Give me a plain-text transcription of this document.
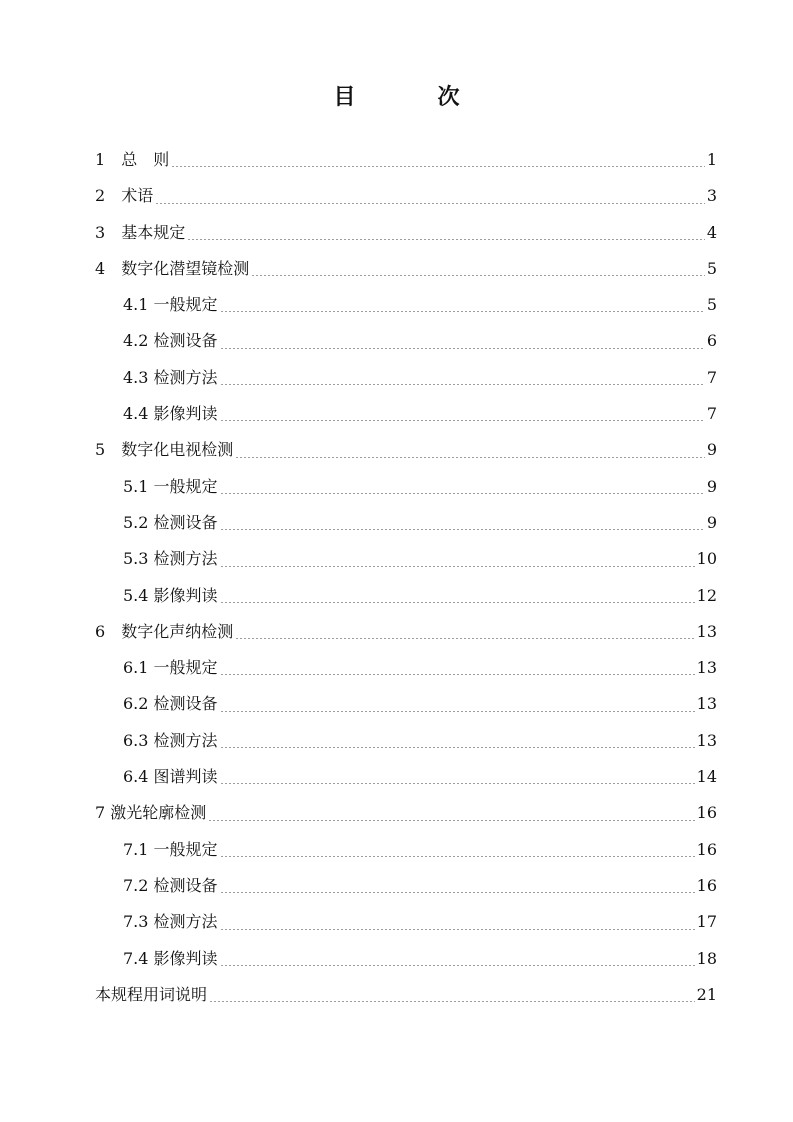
目　次
1　 总　则	1
2　 术语	3
3　 基本规定	4
4　 数字化潜望镜检测	5
4.1 一般规定	5
4.2 检测设备	6
4.3 检测方法	7
4.4 影像判读	7
5　 数字化电视检测	9
5.1 一般规定	9
5.2 检测设备	9
5.3 检测方法	10
5.4 影像判读	12
6　 数字化声纳检测	13
6.1 一般规定	13
6.2 检测设备	13
6.3 检测方法	13
6.4 图谱判读	14
7 激光轮廓检测	16
7.1 一般规定	16
7.2 检测设备	16
7.3 检测方法	17
7.4 影像判读	18
本规程用词说明	21
